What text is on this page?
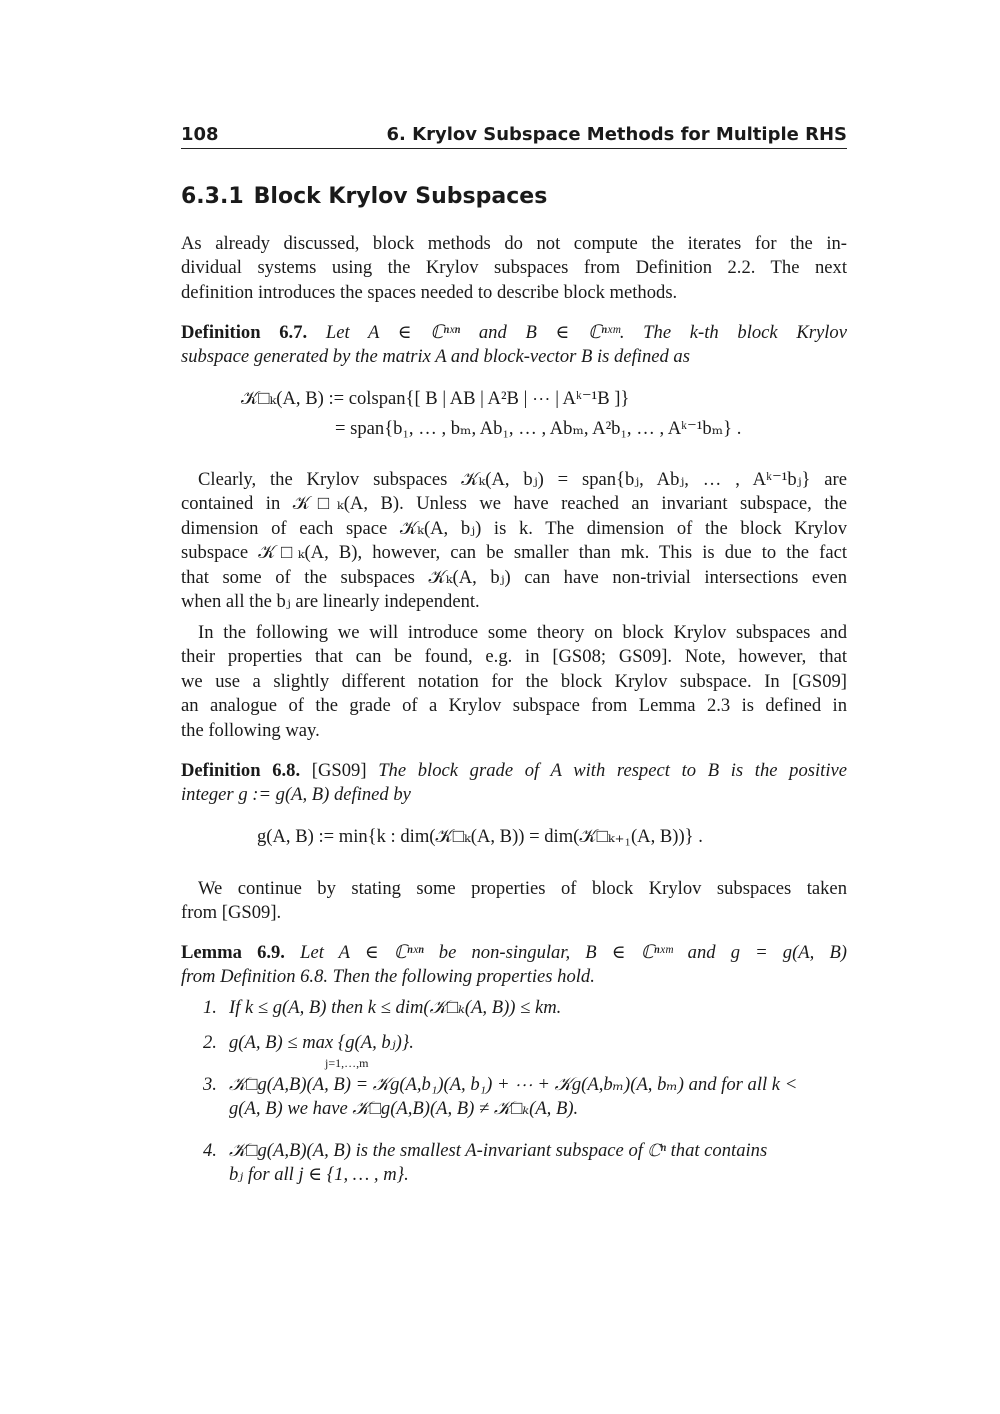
108	6. Krylov Subspace Methods for Multiple RHS
6.3.1 Block Krylov Subspaces
As already discussed, block methods do not compute the iterates for the in-
dividual systems using the Krylov subspaces from Definition 2.2. The next
definition introduces the spaces needed to describe block methods.
Definition 6.7. Let A ∈ ℂⁿˣⁿ and B ∈ ℂⁿˣᵐ. The k-th block Krylov
subspace generated by the matrix A and block-vector B is defined as
𝒦□ₖ(A, B) := colspan{[ B | AB | A²B | ⋯ | Aᵏ⁻¹B ]}
= span{b₁, … , bₘ, Ab₁, … , Abₘ, A²b₁, … , Aᵏ⁻¹bₘ} .
Clearly, the Krylov subspaces 𝒦ₖ(A, bⱼ) = span{bⱼ, Abⱼ, … , Aᵏ⁻¹bⱼ} are
contained in 𝒦□ₖ(A, B). Unless we have reached an invariant subspace, the
dimension of each space 𝒦ₖ(A, bⱼ) is k. The dimension of the block Krylov
subspace 𝒦□ₖ(A, B), however, can be smaller than mk. This is due to the fact
that some of the subspaces 𝒦ₖ(A, bⱼ) can have non-trivial intersections even
when all the bⱼ are linearly independent.
In the following we will introduce some theory on block Krylov subspaces and
their properties that can be found, e.g. in [GS08; GS09]. Note, however, that
we use a slightly different notation for the block Krylov subspace. In [GS09]
an analogue of the grade of a Krylov subspace from Lemma 2.3 is defined in
the following way.
Definition 6.8. [GS09] The block grade of A with respect to B is the positive
integer g := g(A, B) defined by
g(A, B) := min{k : dim(𝒦□ₖ(A, B)) = dim(𝒦□ₖ₊₁(A, B))} .
We continue by stating some properties of block Krylov subspaces taken
from [GS09].
Lemma 6.9. Let A ∈ ℂⁿˣⁿ be non-singular, B ∈ ℂⁿˣᵐ and g = g(A, B)
from Definition 6.8. Then the following properties hold.
1. If k ≤ g(A, B) then k ≤ dim(𝒦□ₖ(A, B)) ≤ km.
2. g(A, B) ≤ max {g(A, bⱼ)}.
j=1,…,m
3. 𝒦□g(A,B)(A, B) = 𝒦g(A,b₁)(A, b₁) + ⋯ + 𝒦g(A,bₘ)(A, bₘ) and for all k <
g(A, B) we have 𝒦□g(A,B)(A, B) ≠ 𝒦□ₖ(A, B).
4. 𝒦□g(A,B)(A, B) is the smallest A-invariant subspace of ℂⁿ that contains
bⱼ for all j ∈ {1, … , m}.
